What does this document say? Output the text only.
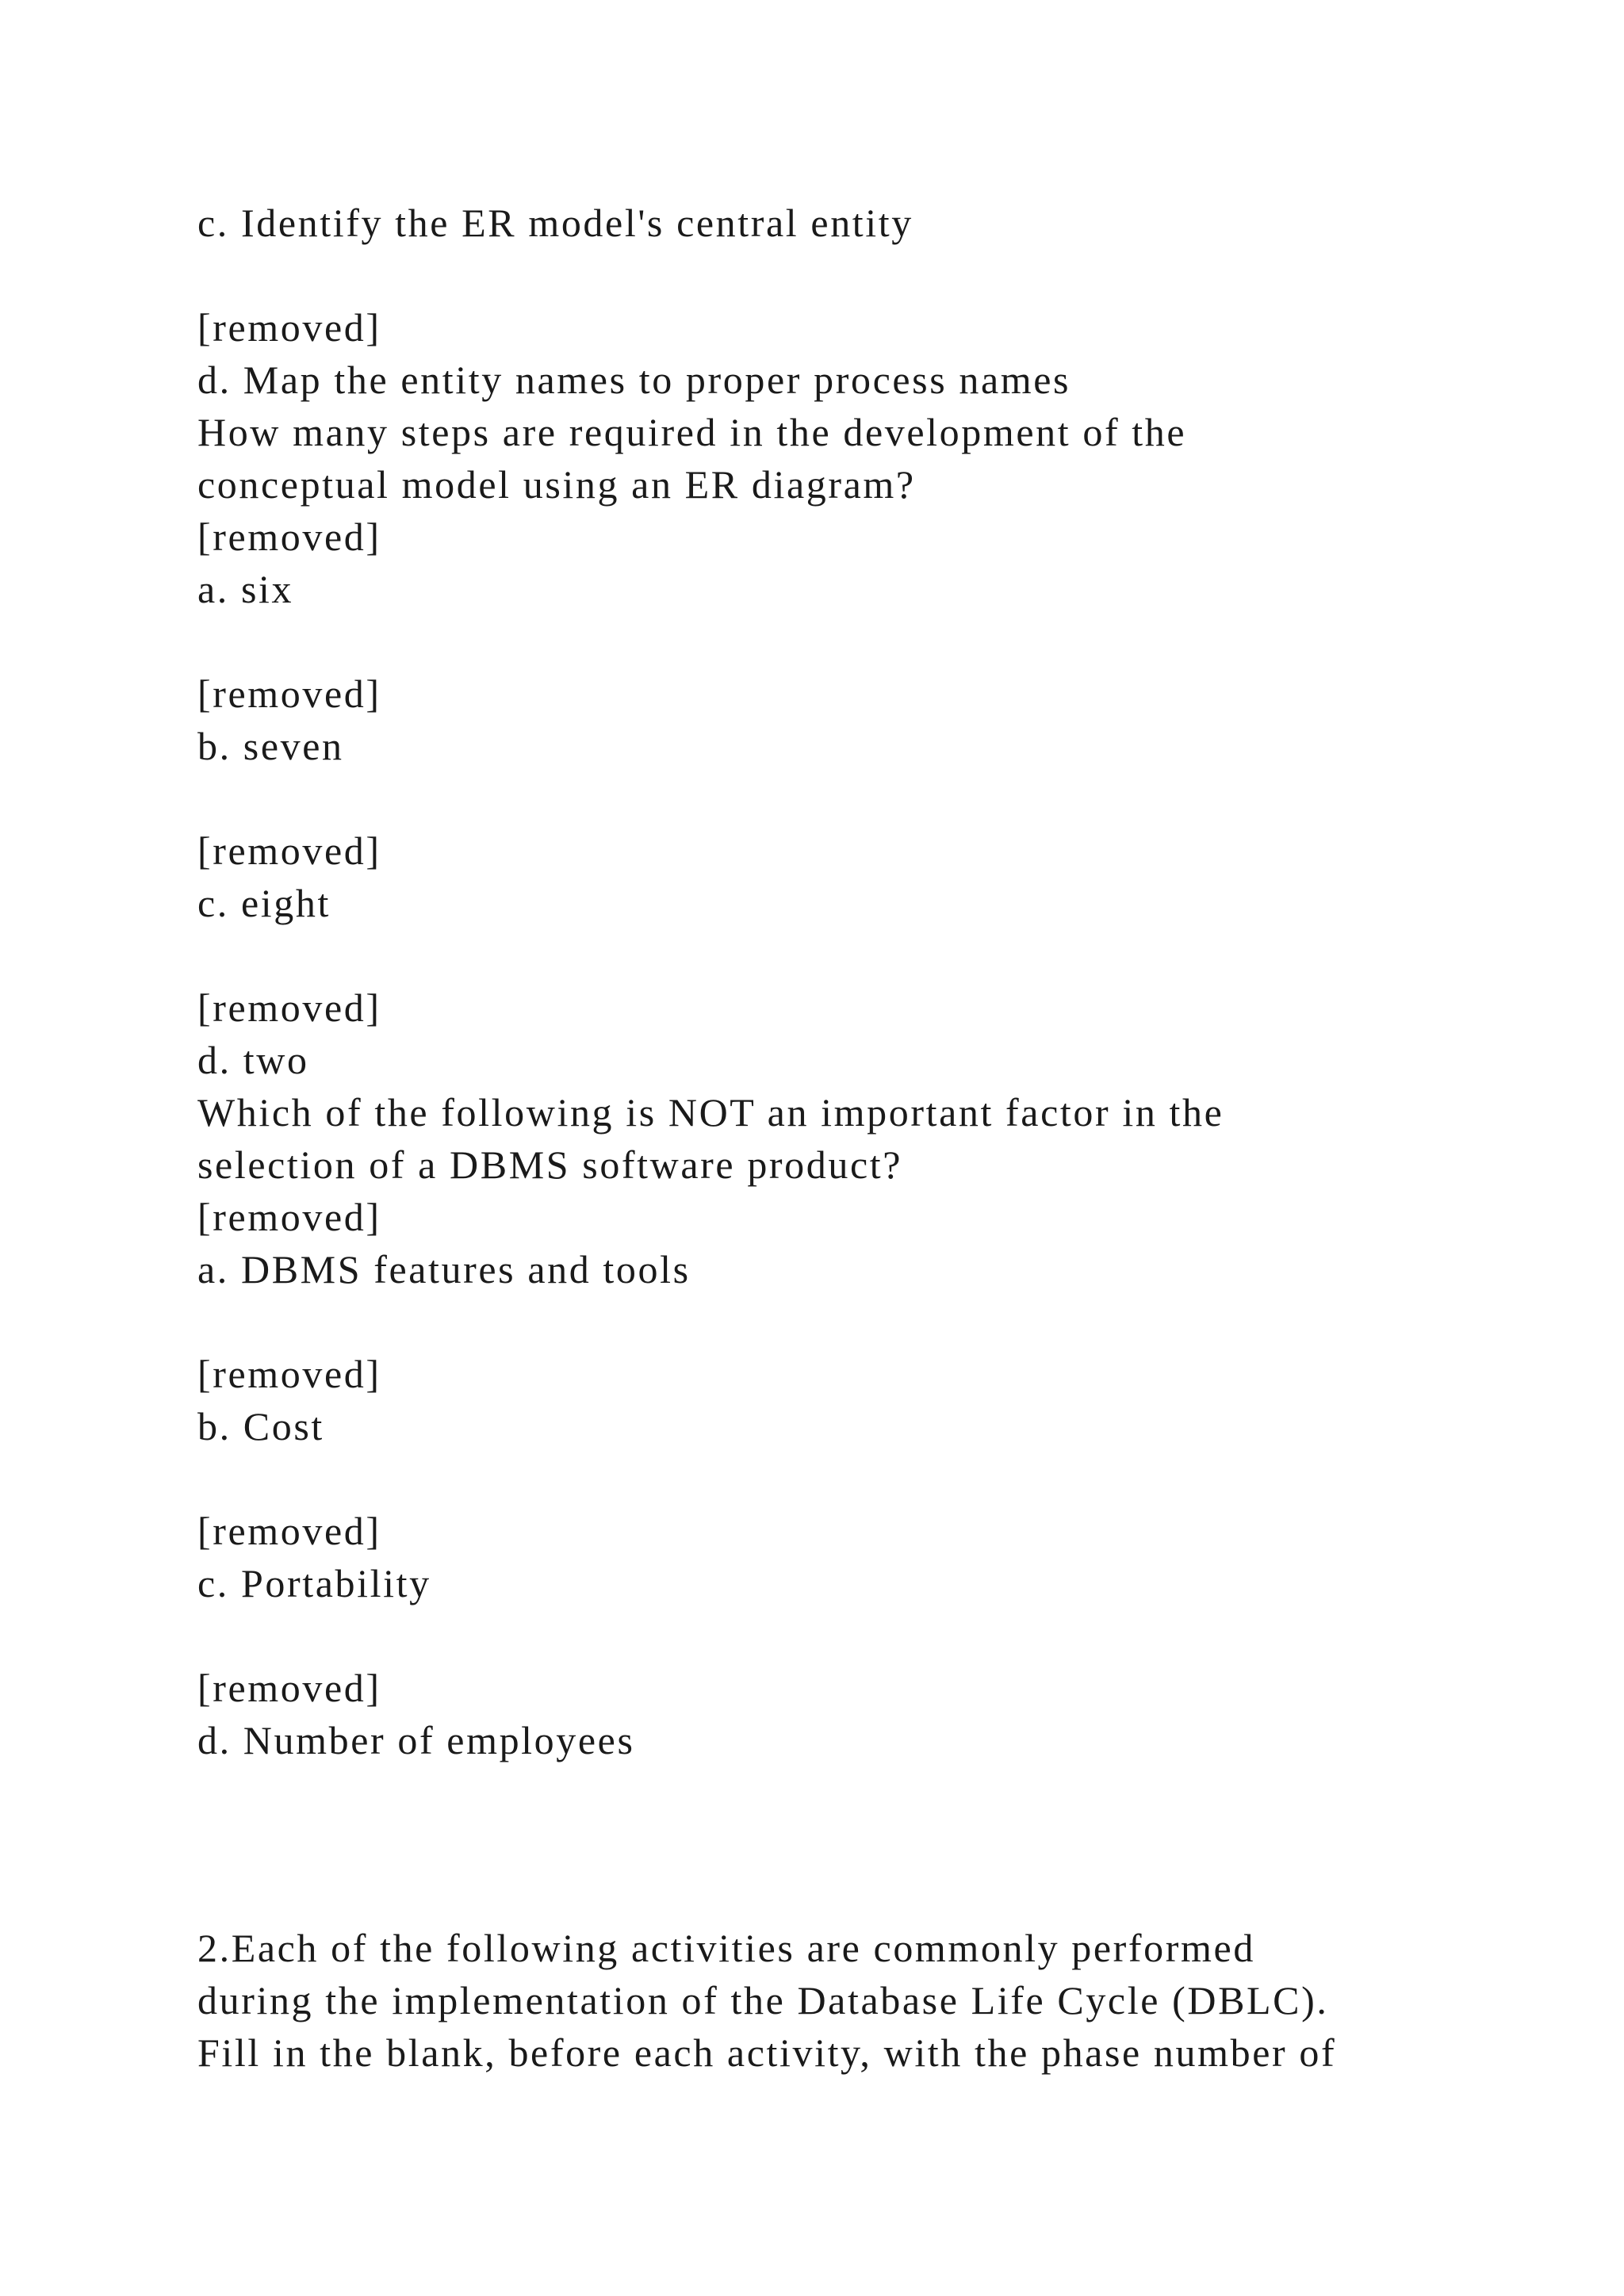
c. Identify the ER model's central entity
[removed]
d. Map the entity names to proper process names
How many steps are required in the development of the
conceptual model using an ER diagram?
[removed]
a. six
[removed]
b. seven
[removed]
c. eight
[removed]
d. two
Which of the following is NOT an important factor in the
selection of a DBMS software product?
[removed]
a. DBMS features and tools
[removed]
b. Cost
[removed]
c. Portability
[removed]
d. Number of employees
2.Each of the following activities are commonly performed
during the implementation of the Database Life Cycle (DBLC).
Fill in the blank, before each activity, with the phase number of
